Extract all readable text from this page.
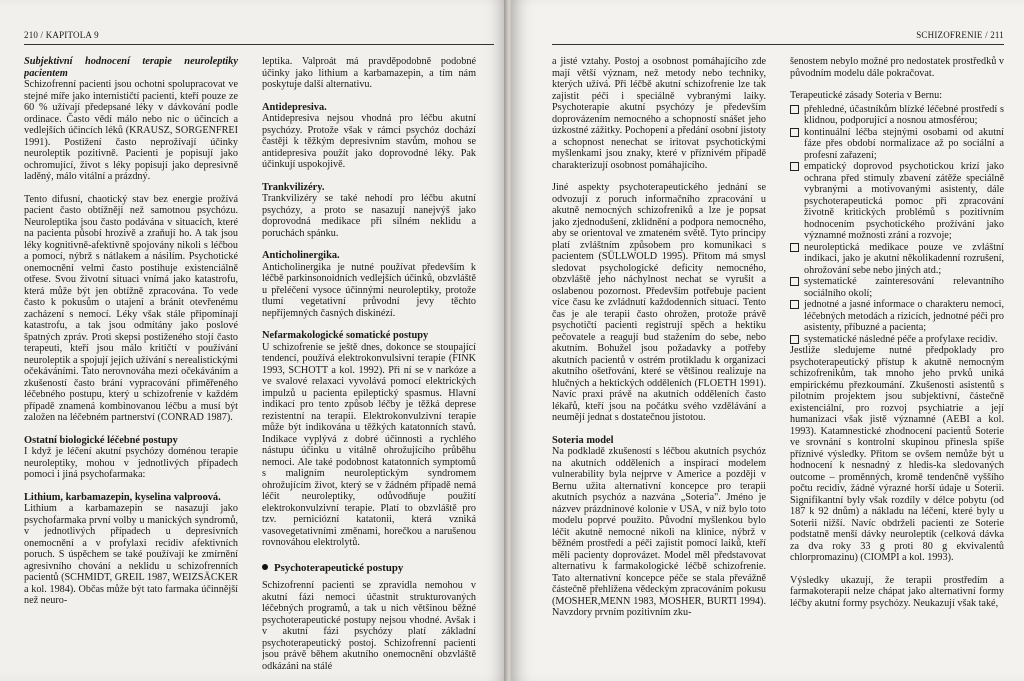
210 / KAPITOLA 9
Subjektivní hodnocení terapie neuroleptiky pacientem

Schizofrenní pacienti jsou ochotni spolupracovat ve stejné míře jako internističtí pacienti, kteří pouze ze 60 % užívají předepsané léky v dávkování podle ordinace. Často vědí málo nebo nic o účincích a vedlejších účincích léků (KRAUSZ, SORGENFREI 1991). Postižení často neprožívají účinky neuroleptik pozitivně. Pacienti je popisují jako ochromující, život s léky popisují jako depresivně laděný, málo vitální a prázdný.

Tento difusní, chaotický stav bez energie prožívá pacient často obtížněji než samotnou psychózu. Neuroleptika jsou často podávána v situacích, které na pacienta působí hrozivě a zraňují ho. A tak jsou léky kognitivně-afektivně spojovány nikoli s léčbou a pomocí, nýbrž s nátlakem a násilím. Psychotické onemocnění velmi často postihuje existenciálně otřese. Svou životní situaci vnímá jako katastrofu, která může být jen obtížně zpracována. To vede často k pokusům o utajení a bránit otevřenému zacházení s nemocí. Léky však stále připomínají katastrofu, a tak jsou odmítány jako poslové špatných zpráv. Proti skepsi postiženého stojí často terapeuti, kteří jsou málo kritičtí v používání neuroleptik a spojují jejich užívání s nerealistickými očekáváními. Tato nerovnováha mezi očekáváním a zkušeností často brání vypracování přiměřeného léčebného postupu, který u schizofrenie v každém případě znamená kombinovanou léčbu a musí být založen na léčebném partnerství (CONRAD 1987).

Ostatní biologické léčebné postupy

I když je léčení akutní psychózy doménou terapie neuroleptiky, mohou v jednotlivých případech pomoci i jiná psychofarmaka:

Lithium, karbamazepin, kyselina valproová.

Lithium a karbamazepin se nasazují jako psychofarmaka první volby u manických syndromů, v jednotlivých případech u depresivních onemocnění a v profylaxi recidiv afektivních poruch. S úspěchem se také používají ke zmírnění agresivního chování a neklidu u schizofrenních pacientů (SCHMIDT, GREIL 1987, WEIZSÄCKER a kol. 1984). Občas může být tato farmaka účinnější než neuro-

leptika. Valproát má pravděpodobně podobné účinky jako lithium a karbamazepin, a tím nám poskytuje další alternativu.

Antidepresiva.

Antidepresiva nejsou vhodná pro léčbu akutní psychózy. Protože však v rámci psychóz dochází častěji k těžkým depresivním stavům, mohou se antidepresiva použít jako doprovodné léky. Pak účinkují uspokojivě.

Trankvilizéry.

Trankvilizéry se také nehodí pro léčbu akutní psychózy, a proto se nasazují nanejvýš jako doprovodná medikace při silném neklidu a poruchách spánku.

Anticholinergika.

Anticholinergika je nutné používat především k léčbě parkinsonoidních vedlejších účinků, obzvláště u přeléčení vysoce účinnými neuroleptiky, protože tlumí vegetativní průvodní jevy těchto nepříjemných časných diskinézí.

Nefarmakologické somatické postupy

U schizofrenie se ještě dnes, dokonce se stoupající tendencí, používá elektrokonvulsivní terapie (FINK 1993, SCHOTT a kol. 1992). Při ní se v narkóze a ve svalové relaxaci vyvolává pomocí elektrických impulzů u pacienta epileptický spasmus. Hlavní indikací pro tento způsob léčby je těžká deprese rezistentní na terapii. Elektrokonvulzivní terapie může být indikována u těžkých katatonních stavů. Indikace vyplývá z dobré účinnosti a rychlého nástupu účinku u vitálně ohrožujícího průběhu nemoci. Ale také podobnost katatonních symptomů s maligním neuroleptickým syndromem ohrožujícím život, který se v žádném případě nemá léčit neuroleptiky, odůvodňuje použití elektrokonvulzivní terapie. Platí to obzvláště pro tzv. perniciózní katatonii, která vzniká vasovegetativními změnami, horečkou a narušenou rovnováhou elektrolytů.

Psychoterapeutické postupy

Schizofrenní pacienti se zpravidla nemohou v akutní fázi nemoci účastnit strukturovaných léčebných programů, a tak u nich většinou běžné psychoterapeutické postupy nejsou vhodné. Avšak i v akutní fázi psychózy platí základní psychoterapeutický postoj. Schizofrenní pacienti jsou právě během akutního onemocnění obzvláště odkázáni na stálé

SCHIZOFRENIE / 211

a jisté vztahy. Postoj a osobnost pomáhajícího zde mají větší význam, než metody nebo techniky, kterých užívá. Při léčbě akutní schizofrenie lze tak zajistit péči i speciálně vybranými laiky. Psychoterapie akutní psychózy je především doprovázením nemocného a schopností snášet jeho úzkostné zážitky. Pochopení a předání osobní jistoty a schopnost nenechat se iritovat psychotickými myšlenkami jsou znaky, které v příznivém případě charakterizují osobnost pomáhajícího.

Jiné aspekty psychoterapeutického jednání se odvozují z poruch informačního zpracování u akutně nemocných schizofreniků a lze je popsat jako zjednodušení, zklidnění a podpora nemocného, aby se orientoval ve zmateném světě. Tyto principy platí zvláštním způsobem pro komunikaci s pacientem (SÜLLWOLD 1995). Přitom má smysl sledovat psychologické deficity nemocného, obzvláště jeho náchylnost nechat se vyrušit a oslabenou pozornost. Především potřebuje pacient více času ke zvládnutí každodenních situací. Tento čas je ale terapii často ohrožen, protože právě psychotičtí pacienti registrují spěch a hektiku pečovatele a reagují bud stažením do sebe, nebo akutním. Bohužel jsou požadavky a potřeby akutních pacientů v ostrém protikladu k organizaci akutního ošetřování, které se většinou realizuje na hlučných a hektických odděleních (FLOETH 1991). Navíc praxi právě na akutních odděleních často lékařů, kteří jsou na počátku svého vzdělávání a neumějí jednat s dostatečnou jistotou.

Soteria model

Na podkladě zkušeností s léčbou akutních psychóz na akutních odděleních a inspirací modelem vulnerability byla nejprve v Americe a později v Bernu užita alternativní koncepce pro terapii akutních psychóz a nazvána „Soteria". Jméno je názvev prázdninové kolonie v USA, v níž bylo toto modelu poprvé použito. Původní myšlenkou bylo léčit akutně nemocné nikoli na klinice, nýbrž v běžném prostředí a péči zajistit pomocí laiků, kteří měli pacienty doprovázet. Model měl představovat alternativu k farmakologické léčbě schizofrenie. Tato alternativní koncepce péče se stala převážně částečně přehlížena vědeckým zpracováním pokusu (MOSHER,MENN 1983, MOSHER, BURTI 1994). Navzdory prvním pozitivním zku-

šenostem nebylo možné pro nedostatek prostředků v původním modelu dále pokračovat.

Terapeutické zásady Soteria v Bernu:

přehledné, účastníkům blízké léčebné prostředí s klidnou, podporující a nosnou atmosférou;
kontinuální léčba stejnými osobami od akutní fáze přes období normalizace až po sociální a profesní zařazení;
empatický doprovod psychotickou krizí jako ochrana před stimuly zbavení zátěže speciálně vybranými a motivovanými asistenty, dále psychoterapeutická pomoc při zpracování životně kritických problémů s pozitivním hodnocením psychotického prožívání jako významné možnosti zrání a rozvoje;
neuroleptická medikace pouze ve zvláštní indikaci, jako je akutní několikadenní rozrušení, ohrožování sebe nebo jiných atd.;
systematické zainteresování relevantního sociálního okolí;
jednotné a jasné informace o charakteru nemoci, léčebných metodách a rizicích, jednotné péči pro asistenty, příbuzné a pacienta;
systematické následné péče a profylaxe recidiv.

Jestliže sledujeme nutné předpoklady pro psychoterapeutický přístup k akutně nemocným schizofrenikům, tak mnoho jeho prvků uniká empirickému přezkoumání. Zkušenosti asistentů s pilotním projektem jsou subjektivní, částečně existenciální, pro rozvoj psychiatrie a její humanizaci však jistě významné (AEBI a kol. 1993). Katamnestické zhodnocení pacientů Soterie ve srovnání s kontrolní skupinou přinesla spíše příznivé výsledky. Přitom se ovšem nemůže být u hodnocení k nesnadný z hledis-ka sledovaných outcome – proměnných, kromě tendenčně vyššího počtu recidiv, žádné výrazné horší údaje u Soterii. Signifikantní byly však rozdíly v délce pobytu (od 187 k 92 dnům) a nákladu na léčení, které byly u Soterii nižší. Navíc obdrželi pacienti ze Soterie podstatně menší dávky neuroleptik (celková dávka za dva roky 33 g proti 80 g ekvivalentů chlorpromazinu) (CIOMPI a kol. 1993).

Výsledky ukazují, že terapii prostředím a farmakoterapii nelze chápat jako alternativní formy léčby akutní formy psychózy. Neukazují však také,
